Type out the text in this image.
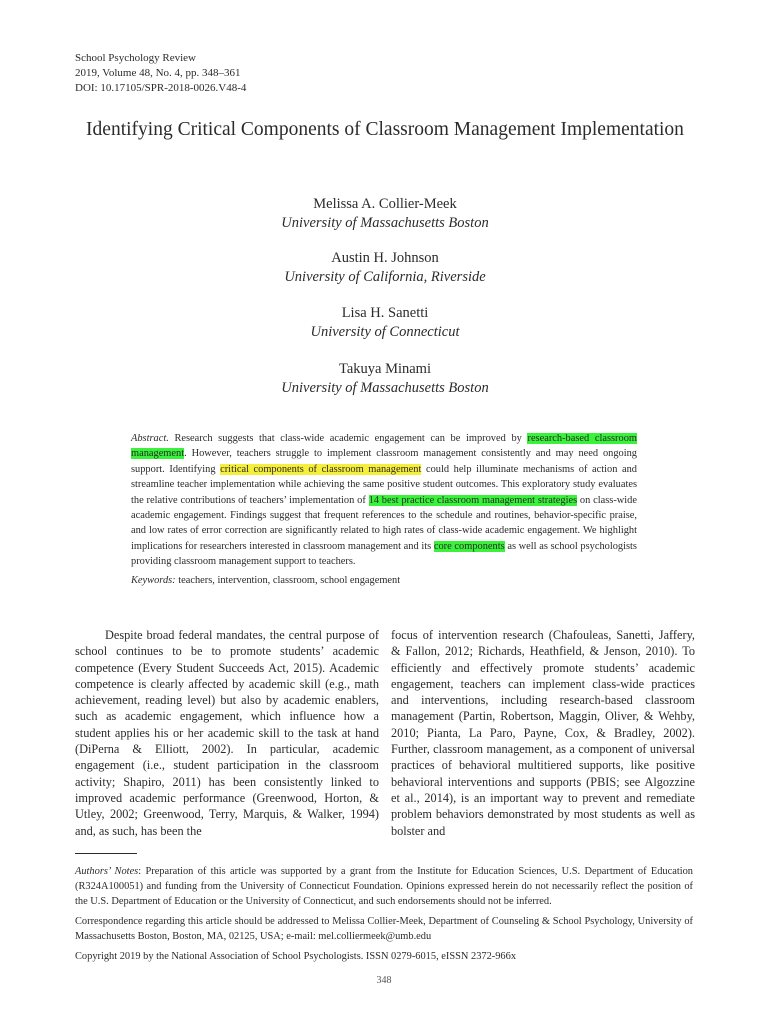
School Psychology Review
2019, Volume 48, No. 4, pp. 348–361
DOI: 10.17105/SPR-2018-0026.V48-4
Identifying Critical Components of Classroom Management Implementation
Melissa A. Collier-Meek
University of Massachusetts Boston
Austin H. Johnson
University of California, Riverside
Lisa H. Sanetti
University of Connecticut
Takuya Minami
University of Massachusetts Boston
Abstract. Research suggests that class-wide academic engagement can be improved by research-based classroom management. However, teachers struggle to implement classroom management consistently and may need ongoing support. Identifying critical components of classroom management could help illuminate mechanisms of action and streamline teacher implementation while achieving the same positive student outcomes. This exploratory study evaluates the relative contributions of teachers’ implementation of 14 best practice classroom management strategies on class-wide academic engagement. Findings suggest that frequent references to the schedule and routines, behavior-specific praise, and low rates of error correction are significantly related to high rates of class-wide academic engagement. We highlight implications for researchers interested in classroom management and its core components as well as school psychologists providing classroom management support to teachers.
Keywords: teachers, intervention, classroom, school engagement

Despite broad federal mandates, the central purpose of school continues to be to promote students’ academic competence (Every Student Succeeds Act, 2015). Academic competence is clearly affected by academic skill (e.g., math achievement, reading level) but also by academic enablers, such as academic engagement, which influence how a student applies his or her academic skill to the task at hand (DiPerna & Elliott, 2002). In particular, academic engagement (i.e., student participation in the classroom activity; Shapiro, 2011) has been consistently linked to improved academic performance (Greenwood, Horton, & Utley, 2002; Greenwood, Terry, Marquis, & Walker, 1994) and, as such, has been the

focus of intervention research (Chafouleas, Sanetti, Jaffery, & Fallon, 2012; Richards, Heathfield, & Jenson, 2010). To efficiently and effectively promote students’ academic engagement, teachers can implement class-wide practices and interventions, including research-based classroom management (Partin, Robertson, Maggin, Oliver, & Wehby, 2010; Pianta, La Paro, Payne, Cox, & Bradley, 2002). Further, classroom management, as a component of universal practices of behavioral multitiered supports, like positive behavioral interventions and supports (PBIS; see Algozzine et al., 2014), is an important way to prevent and remediate problem behaviors demonstrated by most students as well as bolster and

Authors’ Notes: Preparation of this article was supported by a grant from the Institute for Education Sciences, U.S. Department of Education (R324A100051) and funding from the University of Connecticut Foundation. Opinions expressed herein do not necessarily reflect the position of the U.S. Department of Education or the University of Connecticut, and such endorsements should not be inferred.
Correspondence regarding this article should be addressed to Melissa Collier-Meek, Department of Counseling & School Psychology, University of Massachusetts Boston, Boston, MA, 02125, USA; e-mail: mel.colliermeek@umb.edu
Copyright 2019 by the National Association of School Psychologists. ISSN 0279-6015, eISSN 2372-966x
348
